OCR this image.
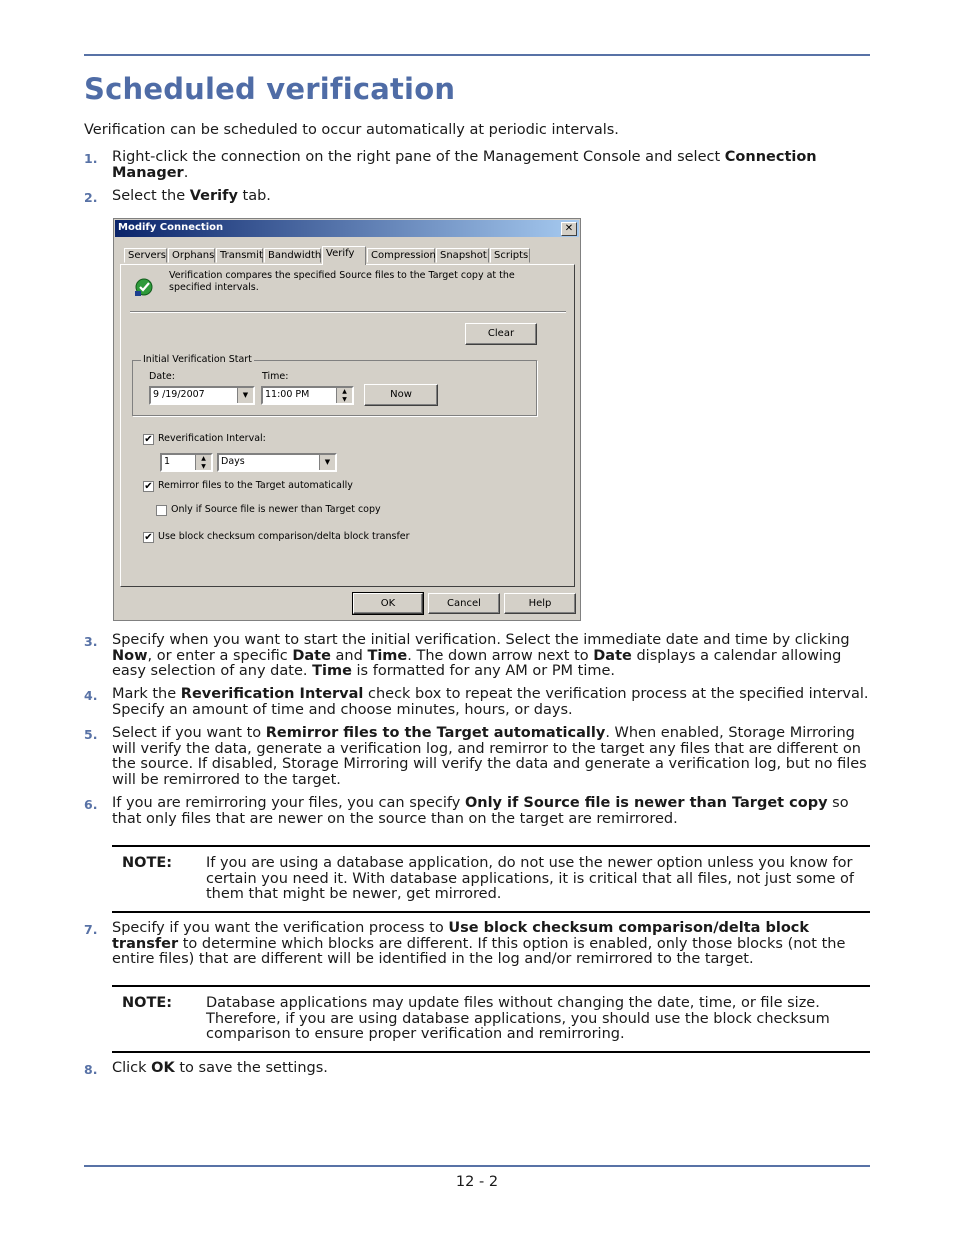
Scheduled verification

Verification can be scheduled to occur automatically at periodic intervals.

1. Right-click the connection on the right pane of the Management Console and select Connection Manager.
2. Select the Verify tab.
Modify Connection	✕
Servers Orphans Transmit Bandwidth Verify	Compression Snapshot Scripts
Verification compares the specified Source files to the Target copy at the specified intervals.
Clear
Initial Verification Start
Date:
9 /19/2007	▼
Time:
11:00 PM	▲
▼	Now
✔ Reverification Interval:
1	▲
▼	Days	▼
✔ Remirror files to the Target automatically
Only if Source file is newer than Target copy
✔ Use block checksum comparison/delta block transfer
OK	Cancel	Help
3. Specify when you want to start the initial verification. Select the immediate date and time by clicking Now, or enter a specific Date and Time. The down arrow next to Date displays a calendar allowing easy selection of any date. Time is formatted for any AM or PM time.
4. Mark the Reverification Interval check box to repeat the verification process at the specified interval. Specify an amount of time and choose minutes, hours, or days.
5. Select if you want to Remirror files to the Target automatically. When enabled, Storage Mirroring will verify the data, generate a verification log, and remirror to the target any files that are different on the source. If disabled, Storage Mirroring will verify the data and generate a verification log, but no files will be remirrored to the target.
6. If you are remirroring your files, you can specify Only if Source file is newer than Target copy so that only files that are newer on the source than on the target are remirrored.
NOTE: If you are using a database application, do not use the newer option unless you know for certain you need it. With database applications, it is critical that all files, not just some of them that might be newer, get mirrored.
7. Specify if you want the verification process to Use block checksum comparison/delta block transfer to determine which blocks are different. If this option is enabled, only those blocks (not the entire files) that are different will be identified in the log and/or remirrored to the target.
NOTE: Database applications may update files without changing the date, time, or file size. Therefore, if you are using database applications, you should use the block checksum comparison to ensure proper verification and remirroring.
8. Click OK to save the settings.
12 - 2
